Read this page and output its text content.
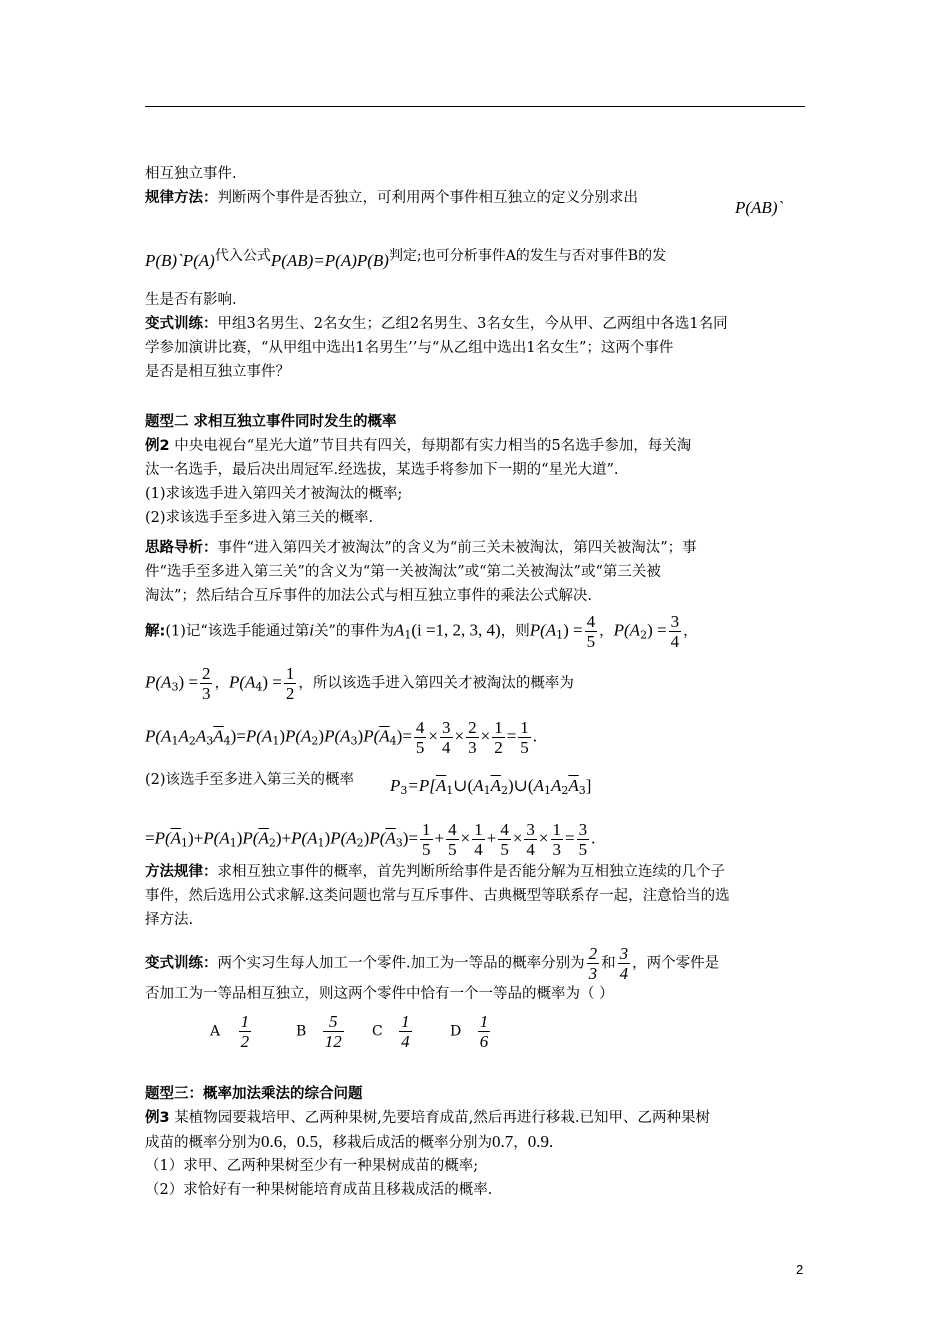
相互独立事件.
规律方法：判断两个事件是否独立，可利用两个事件相互独立的定义分别求出	P(AB)`
P(B)`P(A)代入公式P(AB)=P(A)P(B)判定;也可分析事件A的发生与否对事件B的发
生是否有影响.
变式训练：甲组3名男生、2名女生；乙组2名男生、3名女生，今从甲、乙两组中各选1名同
学参加演讲比赛，“从甲组中选出1名男生’’与“从乙组中选出1名女生”；这两个事件
是否是相互独立事件？
题型二 求相互独立事件同时发生的概率
例2 中央电视台“星光大道”节目共有四关，每期都有实力相当的5名选手参加，每关淘
汰一名选手，最后决出周冠军.经选拔，某选手将参加下一期的“星光大道”.
(1)求该选手进入第四关才被淘汰的概率;
(2)求该选手至多进入第三关的概率.
思路导析：事件“进入第四关才被淘汰”的含义为“前三关未被淘汰，第四关被淘汰”；事
件“选手至多进入第三关”的含义为“第一关被淘汰”或“第二关被淘汰”或“第三关被
淘汰”；然后结合互斥事件的加法公式与相互独立事件的乘法公式解决.
解:(1)记“该选手能通过第i关”的事件为$A_1(i =1$, 2, 3, 4)，则$P(A_1) = \frac{4}{5}$ ，$P(A_2) = \frac{3}{4}$ ，
$P(A_3) = \frac{2}{3}$ ，$P(A_4) = \frac{1}{2}$ ，所以该选手进入第四关才被淘汰的概率为
$P(A_1A_2A_3\overline{A}_4)=P(A_1)P(A_2)P(A_3)P(\overline{A}_4)= \frac{4}{5} \times \frac{3}{4} \times \frac{2}{3} \times \frac{1}{2} = \frac{1}{5}$ .
(2)该选手至多进入第三关的概率 $P_3=P[\overline{A}_1\cup(A_1\overline{A}_2)\cup(A_1A_2\overline{A}_3]$
$=P(\overline{A}_1)+P(A_1)P(\overline{A}_2)+P(A_1)P(A_2)P(\overline{A}_3)= \frac{1}{5} + \frac{4}{5} \times \frac{1}{4} + \frac{4}{5} \times \frac{3}{4} \times \frac{1}{3} = \frac{3}{5}$ .
方法规律：求相互独立事件的概率，首先判断所给事件是否能分解为互相独立连续的几个子
事件，然后选用公式求解.这类问题也常与互斥事件、古典概型等联系存一起，注意恰当的选
择方法.
变式训练：两个实习生每人加工一个零件.加工为一等品的概率分别为 $\frac{2}{3}$ 和 $\frac{3}{4}$ ，两个零件是
否加工为一等品相互独立，则这两个零件中恰有一个一等品的概率为（ ）
A $\frac{1}{2}$	B $\frac{5}{12}$ C $\frac{1}{4}$	D $\frac{1}{6}$
题型三：概率加法乘法的综合问题
例3 某植物园要栽培甲、乙两种果树,先要培育成苗,然后再进行移栽.已知甲、乙两种果树
成苗的概率分别为0.6，0.5，移栽后成活的概率分别为0.7，0.9.
（1）求甲、乙两种果树至少有一种果树成苗的概率;
（2）求恰好有一种果树能培育成苗且移栽成活的概率.
2
